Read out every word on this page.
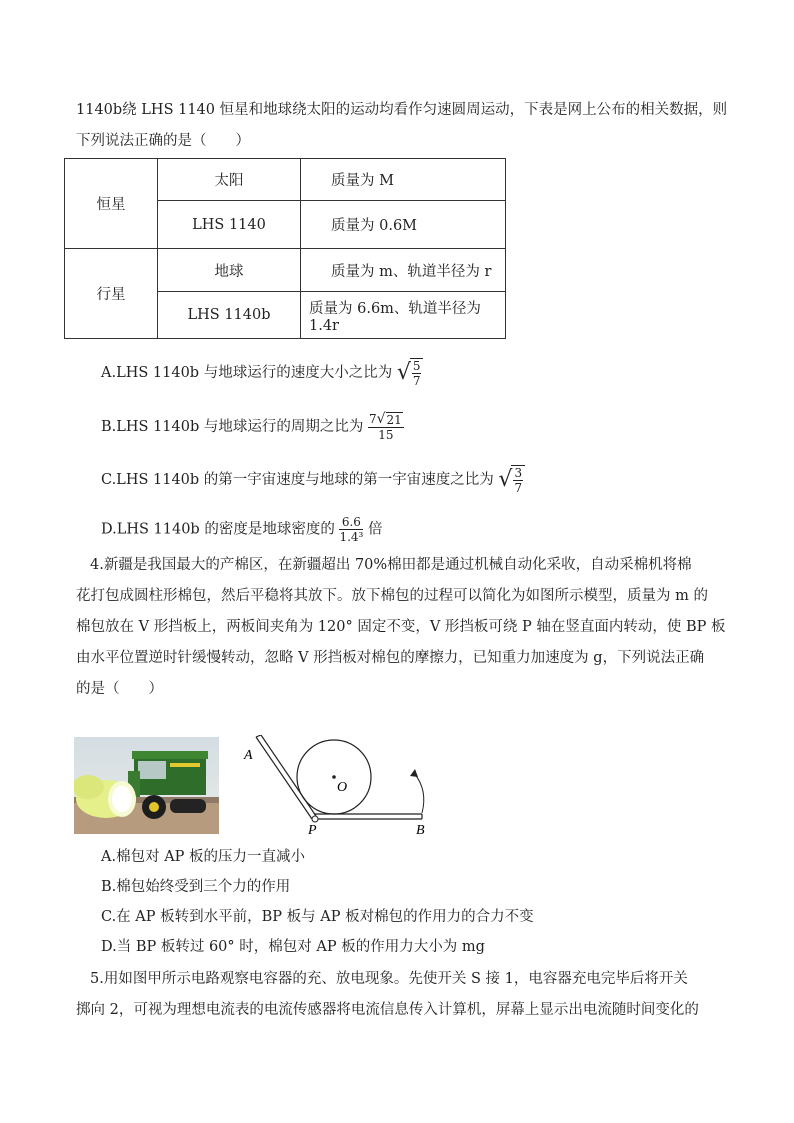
1140b绕 LHS 1140 恒星和地球绕太阳的运动均看作匀速圆周运动，下表是网上公布的相关数据，则
下列说法正确的是（　　）
恒星	太阳	质量为 M
	LHS 1140	质量为 0.6M
行星	地球	质量为 m、轨道半径为 r
	LHS 1140b	质量为 6.6m、轨道半径为 1.4r
A.LHS 1140b 与地球运行的速度大小之比为 √ $\frac{5}{7}$
B.LHS 1140b 与地球运行的周期之比为 $\frac{7 √ 21}{15}$
C.LHS 1140b 的第一宇宙速度与地球的第一宇宙速度之比为 √ $\frac{3}{7}$
D.LHS 1140b 的密度是地球密度的 $\frac{6.6}{\text{1.4³}}$ 倍
4.新疆是我国最大的产棉区，在新疆超出 70%棉田都是通过机械自动化采收，自动采棉机将棉
花打包成圆柱形棉包，然后平稳将其放下。放下棉包的过程可以简化为如图所示模型，质量为 m 的
棉包放在 V 形挡板上，两板间夹角为 120° 固定不变，V 形挡板可绕 P 轴在竖直面内转动，使 BP 板
由水平位置逆时针缓慢转动，忽略 V 形挡板对棉包的摩擦力，已知重力加速度为 g，下列说法正确
的是（　　）
A
O
P	B
A.棉包对 AP 板的压力一直减小
B.棉包始终受到三个力的作用
C.在 AP 板转到水平前，BP 板与 AP 板对棉包的作用力的合力不变
D.当 BP 板转过 60° 时，棉包对 AP 板的作用力大小为 mg
5.用如图甲所示电路观察电容器的充、放电现象。先使开关 S 接 1，电容器充电完毕后将开关
掷向 2，可视为理想电流表的电流传感器将电流信息传入计算机，屏幕上显示出电流随时间变化的
